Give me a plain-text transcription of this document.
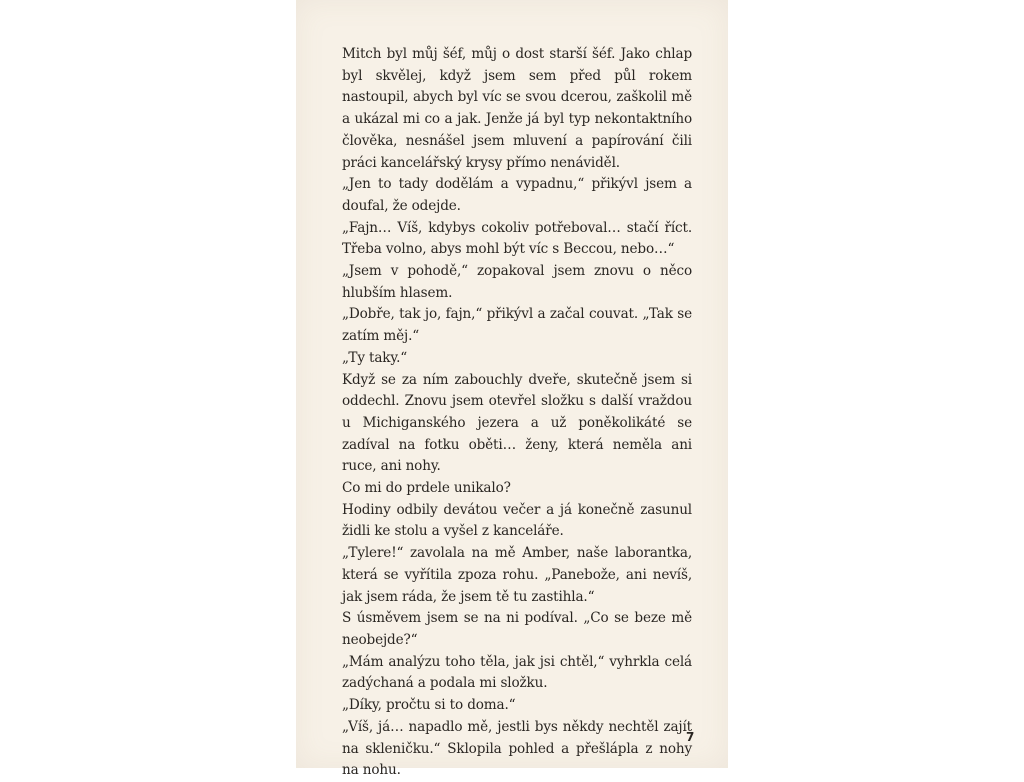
Mitch byl můj šéf, můj o dost starší šéf. Jako chlap byl skvělej, když jsem sem před půl rokem nastoupil, abych byl víc se svou dcerou, zaškolil mě a ukázal mi co a jak. Jenže já byl typ nekontaktního člověka, nesnášel jsem mluvení a papírování čili práci kancelářský krysy přímo nenáviděl.

„Jen to tady dodělám a vypadnu,“ přikývl jsem a doufal, že odejde.

„Fajn… Víš, kdybys cokoliv potřeboval… stačí říct. Třeba volno, abys mohl být víc s Beccou, nebo…“

„Jsem v pohodě,“ zopakoval jsem znovu o něco hlubším hlasem.

„Dobře, tak jo, fajn,“ přikývl a začal couvat. „Tak se zatím měj.“

„Ty taky.“

Když se za ním zabouchly dveře, skutečně jsem si oddechl. Znovu jsem otevřel složku s další vraždou u Michiganského jezera a už poněkolikáté se zadíval na fotku oběti… ženy, která neměla ani ruce, ani nohy.

Co mi do prdele unikalo?

Hodiny odbily devátou večer a já konečně zasunul židli ke stolu a vyšel z kanceláře.

„Tylere!“ zavolala na mě Amber, naše laborantka, která se vyřítila zpoza rohu. „Panebože, ani nevíš, jak jsem ráda, že jsem tě tu zastihla.“

S úsměvem jsem se na ni podíval. „Co se beze mě neobejde?“

„Mám analýzu toho těla, jak jsi chtěl,“ vyhrkla celá zadýchaná a podala mi složku.

„Díky, pročtu si to doma.“

„Víš, já… napadlo mě, jestli bys někdy nechtěl zajít na skleničku.“ Sklopila pohled a přešlápla z nohy na nohu.

7
